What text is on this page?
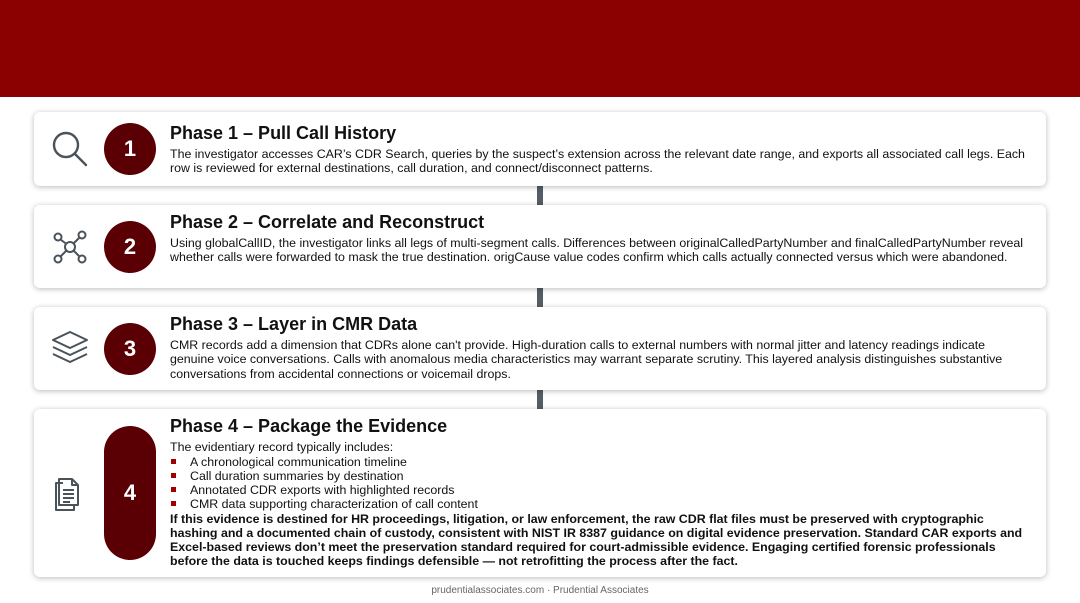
1
Phase 1 – Pull Call History

The investigator accesses CAR’s CDR Search, queries by the suspect’s extension across the relevant date range, and exports all associated call legs. Each row is reviewed for external destinations, call duration, and connect/disconnect patterns.

2
Phase 2 – Correlate and Reconstruct

Using globalCallID, the investigator links all legs of multi-segment calls. Differences between originalCalledPartyNumber and finalCalledPartyNumber reveal whether calls were forwarded to mask the true destination. origCause value codes confirm which calls actually connected versus which were abandoned.

3
Phase 3 – Layer in CMR Data

CMR records add a dimension that CDRs alone can't provide. High-duration calls to external numbers with normal jitter and latency readings indicate genuine voice conversations. Calls with anomalous media characteristics may warrant separate scrutiny. This layered analysis distinguishes substantive conversations from accidental connections or voicemail drops.

4
Phase 4 – Package the Evidence

The evidentiary record typically includes:

A chronological communication timeline
Call duration summaries by destination
Annotated CDR exports with highlighted records
CMR data supporting characterization of call content

If this evidence is destined for HR proceedings, litigation, or law enforcement, the raw CDR flat files must be preserved with cryptographic hashing and a documented chain of custody, consistent with NIST IR 8387 guidance on digital evidence preservation. Standard CAR exports and Excel-based reviews don’t meet the preservation standard required for court-admissible evidence. Engaging certified forensic professionals before the data is touched keeps findings defensible — not retrofitting the process after the fact.

prudentialassociates.com · Prudential Associates
